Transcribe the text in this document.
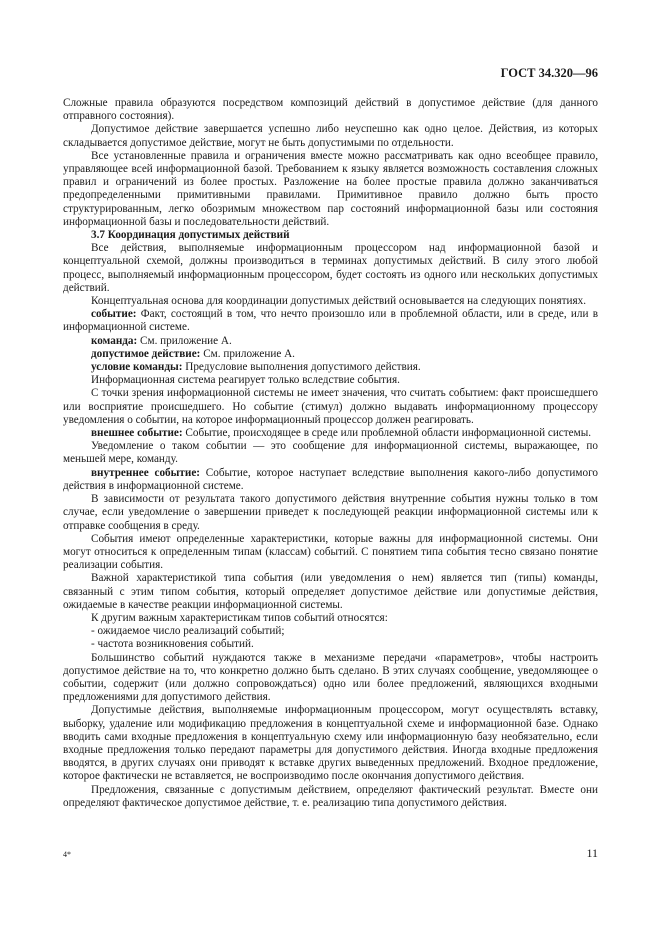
ГОСТ 34.320—96

Сложные правила образуются посредством композиций действий в допустимое действие (для данного отправного состояния).

Допустимое действие завершается успешно либо неуспешно как одно целое. Действия, из которых складывается допустимое действие, могут не быть допустимыми по отдельности.

Все установленные правила и ограничения вместе можно рассматривать как одно всеобщее правило, управляющее всей информационной базой. Требованием к языку является возможность составления сложных правил и ограничений из более простых. Разложение на более простые правила должно заканчиваться предопределенными примитивными правилами. Примитивное правило должно быть просто структурированным, легко обозримым множеством пар состояний информационной базы или состояния информационной базы и последовательности действий.

3.7 Координация допустимых действий

Все действия, выполняемые информационным процессором над информационной базой и концептуальной схемой, должны производиться в терминах допустимых действий. В силу этого любой процесс, выполняемый информационным процессором, будет состоять из одного или нескольких допустимых действий.

Концептуальная основа для координации допустимых действий основывается на следующих понятиях.

событие: Факт, состоящий в том, что нечто произошло или в проблемной области, или в среде, или в информационной системе.

команда: См. приложение А.

допустимое действие: См. приложение А.

условие команды: Предусловие выполнения допустимого действия.

Информационная система реагирует только вследствие события.

С точки зрения информационной системы не имеет значения, что считать событием: факт происшедшего или восприятие происшедшего. Но событие (стимул) должно выдавать информационному процессору уведомления о событии, на которое информационный процессор должен реагировать.

внешнее событие: Событие, происходящее в среде или проблемной области информационной системы.

Уведомление о таком событии — это сообщение для информационной системы, выражающее, по меньшей мере, команду.

внутреннее событие: Событие, которое наступает вследствие выполнения какого-либо допустимого действия в информационной системе.

В зависимости от результата такого допустимого действия внутренние события нужны только в том случае, если уведомление о завершении приведет к последующей реакции информационной системы или к отправке сообщения в среду.

События имеют определенные характеристики, которые важны для информационной системы. Они могут относиться к определенным типам (классам) событий. С понятием типа события тесно связано понятие реализации события.

Важной характеристикой типа события (или уведомления о нем) является тип (типы) команды, связанный с этим типом события, который определяет допустимое действие или допустимые действия, ожидаемые в качестве реакции информационной системы.

К другим важным характеристикам типов событий относятся:

- ожидаемое число реализаций событий;

- частота возникновения событий.

Большинство событий нуждаются также в механизме передачи «параметров», чтобы настроить допустимое действие на то, что конкретно должно быть сделано. В этих случаях сообщение, уведомляющее о событии, содержит (или должно сопровождаться) одно или более предложений, являющихся входными предложениями для допустимого действия.

Допустимые действия, выполняемые информационным процессором, могут осуществлять вставку, выборку, удаление или модификацию предложения в концептуальной схеме и информационной базе. Однако вводить сами входные предложения в концептуальную схему или информационную базу необязательно, если входные предложения только передают параметры для допустимого действия. Иногда входные предложения вводятся, в других случаях они приводят к вставке других выведенных предложений. Входное предложение, которое фактически не вставляется, не воспроизводимо после окончания допустимого действия.

Предложения, связанные с допустимым действием, определяют фактический результат. Вместе они определяют фактическое допустимое действие, т. е. реализацию типа допустимого действия.

4*	11
